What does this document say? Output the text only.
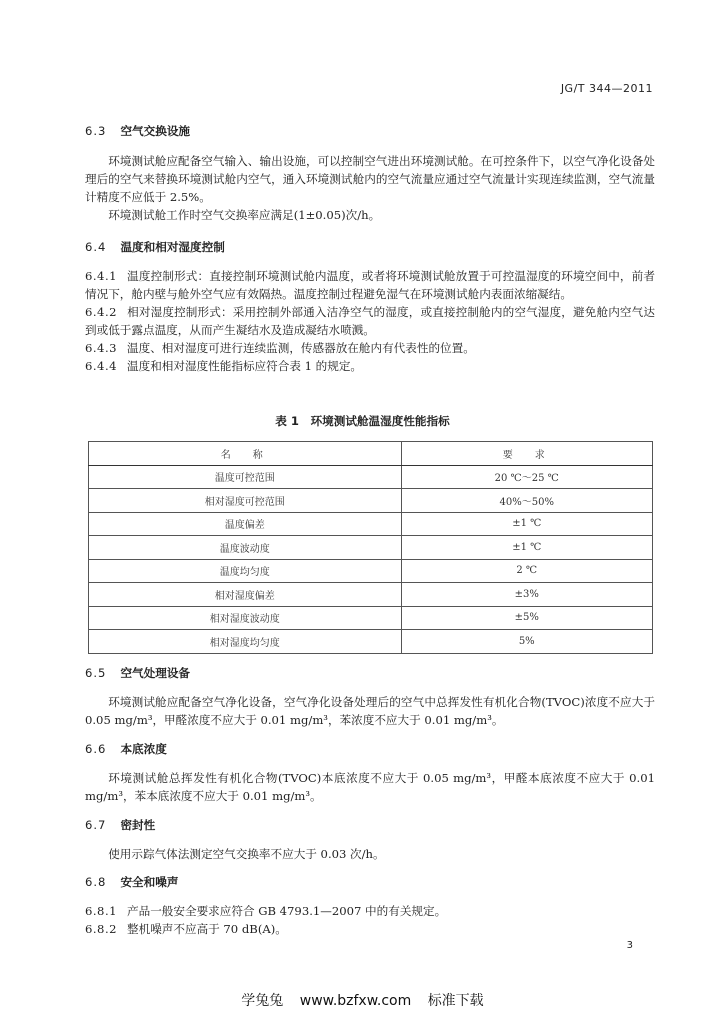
JG/T 344—2011
6.3 空气交换设施

环境测试舱应配备空气输入、输出设施，可以控制空气进出环境测试舱。在可控条件下，以空气净化设备处理后的空气来替换环境测试舱内空气，通入环境测试舱内的空气流量应通过空气流量计实现连续监测，空气流量计精度不应低于 2.5%。

环境测试舱工作时空气交换率应满足(1±0.05)次/h。

6.4 温度和相对湿度控制

6.4.1 温度控制形式：直接控制环境测试舱内温度，或者将环境测试舱放置于可控温湿度的环境空间中，前者情况下，舱内壁与舱外空气应有效隔热。温度控制过程避免湿气在环境测试舱内表面浓缩凝结。

6.4.2 相对湿度控制形式：采用控制外部通入洁净空气的湿度，或直接控制舱内的空气湿度，避免舱内空气达到或低于露点温度，从而产生凝结水及造成凝结水喷溅。

6.4.3 温度、相对湿度可进行连续监测，传感器放在舱内有代表性的位置。

6.4.4 温度和相对湿度性能指标应符合表 1 的规定。

表 1　环境测试舱温湿度性能指标
名　称	要　求
温度可控范围	20 ℃～25 ℃
相对湿度可控范围	40%～50%
温度偏差	±1 ℃
温度波动度	±1 ℃
温度均匀度	2 ℃
相对湿度偏差	±3%
相对湿度波动度	±5%
相对湿度均匀度	5%
6.5 空气处理设备

环境测试舱应配备空气净化设备，空气净化设备处理后的空气中总挥发性有机化合物(TVOC)浓度不应大于 0.05 mg/m³，甲醛浓度不应大于 0.01 mg/m³，苯浓度不应大于 0.01 mg/m³。

6.6 本底浓度

环境测试舱总挥发性有机化合物(TVOC)本底浓度不应大于 0.05 mg/m³，甲醛本底浓度不应大于 0.01 mg/m³，苯本底浓度不应大于 0.01 mg/m³。

6.7 密封性

使用示踪气体法测定空气交换率不应大于 0.03 次/h。

6.8 安全和噪声

6.8.1 产品一般安全要求应符合 GB 4793.1—2007 中的有关规定。

6.8.2 整机噪声不应高于 70 dB(A)。

3
学兔兔 www.bzfxw.com 标准下载
